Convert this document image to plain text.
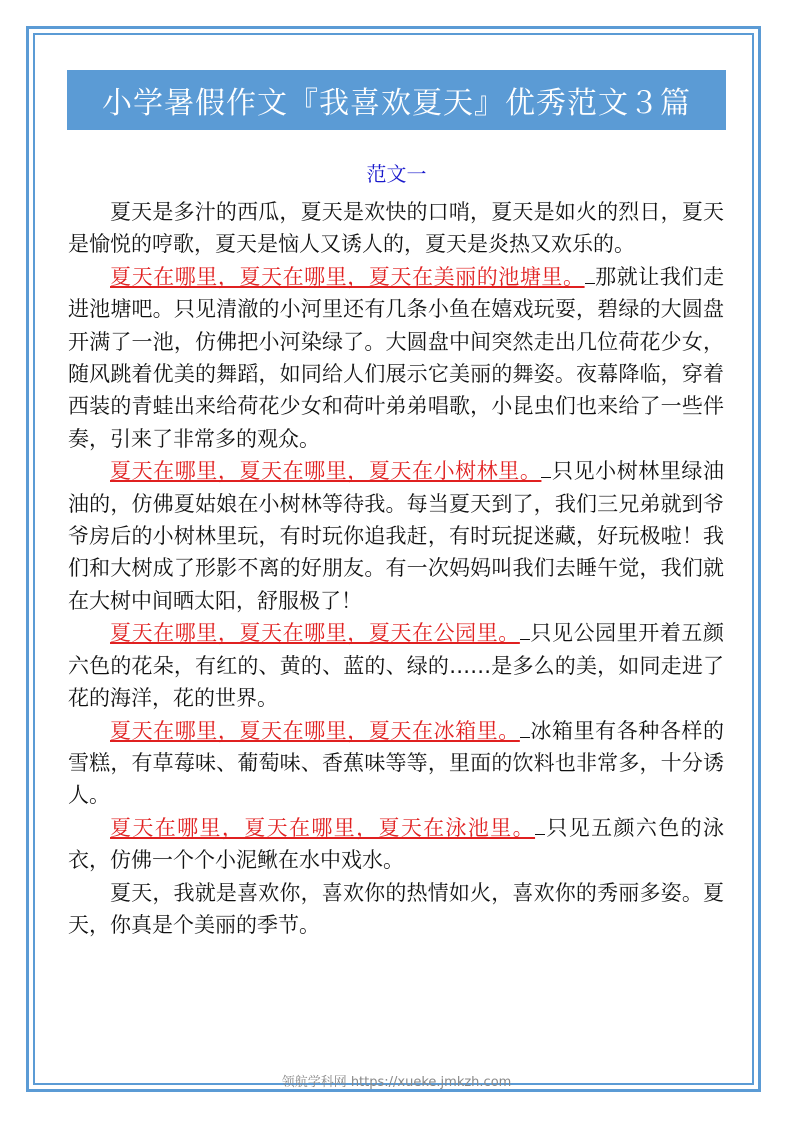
小学暑假作文『我喜欢夏天』优秀范文３篇
范文一

夏天是多汁的西瓜，夏天是欢快的口哨，夏天是如火的烈日，夏天是愉悦的哼歌，夏天是恼人又诱人的，夏天是炎热又欢乐的。

夏天在哪里，夏天在哪里，夏天在美丽的池塘里。 那就让我们走进池塘吧。只见清澈的小河里还有几条小鱼在嬉戏玩耍，碧绿的大圆盘开满了一池，仿佛把小河染绿了。大圆盘中间突然走出几位荷花少女，随风跳着优美的舞蹈，如同给人们展示它美丽的舞姿。夜幕降临，穿着西装的青蛙出来给荷花少女和荷叶弟弟唱歌，小昆虫们也来给了一些伴奏，引来了非常多的观众。

夏天在哪里，夏天在哪里，夏天在小树林里。 只见小树林里绿油油的，仿佛夏姑娘在小树林等待我。每当夏天到了，我们三兄弟就到爷爷房后的小树林里玩，有时玩你追我赶，有时玩捉迷藏，好玩极啦！我们和大树成了形影不离的好朋友。有一次妈妈叫我们去睡午觉，我们就在大树中间晒太阳，舒服极了！

夏天在哪里，夏天在哪里，夏天在公园里。 只见公园里开着五颜六色的花朵，有红的、黄的、蓝的、绿的……是多么的美，如同走进了花的海洋，花的世界。

夏天在哪里，夏天在哪里，夏天在冰箱里。 冰箱里有各种各样的雪糕，有草莓味、葡萄味、香蕉味等等，里面的饮料也非常多，十分诱人。

夏天在哪里，夏天在哪里，夏天在泳池里。 只见五颜六色的泳衣，仿佛一个个小泥鳅在水中戏水。

夏天，我就是喜欢你，喜欢你的热情如火，喜欢你的秀丽多姿。夏天，你真是个美丽的季节。

领航学科网 https://xueke.jmkzh.com
